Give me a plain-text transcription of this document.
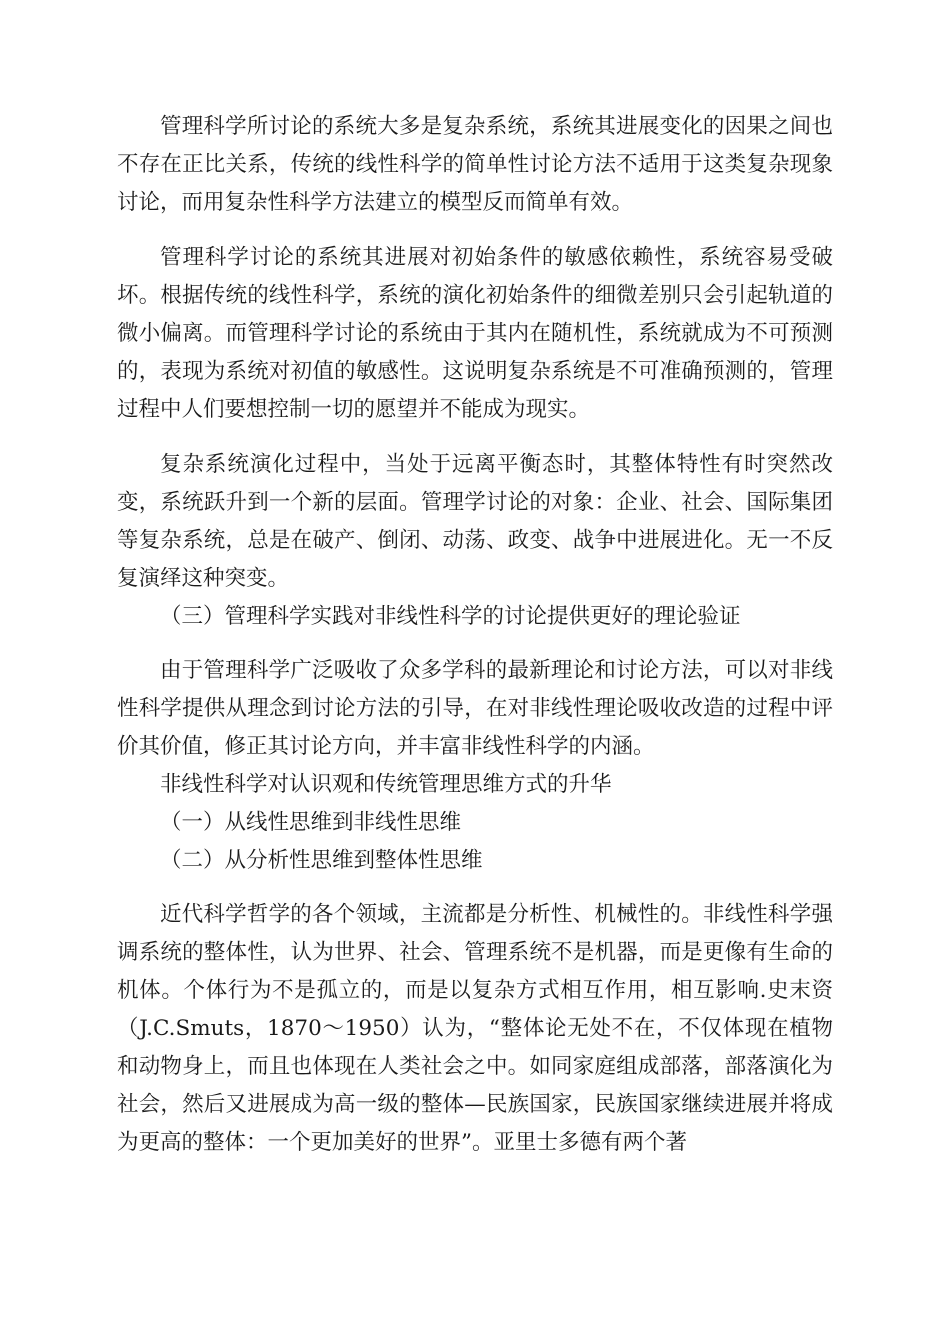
管理科学所讨论的系统大多是复杂系统，系统其进展变化的因果之间也不存在正比关系，传统的线性科学的简单性讨论方法不适用于这类复杂现象讨论，而用复杂性科学方法建立的模型反而简单有效。

管理科学讨论的系统其进展对初始条件的敏感依赖性，系统容易受破坏。根据传统的线性科学，系统的演化初始条件的细微差别只会引起轨道的微小偏离。而管理科学讨论的系统由于其内在随机性，系统就成为不可预测的，表现为系统对初值的敏感性。这说明复杂系统是不可准确预测的，管理过程中人们要想控制一切的愿望并不能成为现实。

复杂系统演化过程中，当处于远离平衡态时，其整体特性有时突然改变，系统跃升到一个新的层面。管理学讨论的对象：企业、社会、国际集团等复杂系统，总是在破产、倒闭、动荡、政变、战争中进展进化。无一不反复演绎这种突变。

（三）管理科学实践对非线性科学的讨论提供更好的理论验证

由于管理科学广泛吸收了众多学科的最新理论和讨论方法，可以对非线性科学提供从理念到讨论方法的引导，在对非线性理论吸收改造的过程中评价其价值，修正其讨论方向，并丰富非线性科学的内涵。

非线性科学对认识观和传统管理思维方式的升华

（一）从线性思维到非线性思维

（二）从分析性思维到整体性思维

近代科学哲学的各个领域，主流都是分析性、机械性的。非线性科学强调系统的整体性，认为世界、社会、管理系统不是机器，而是更像有生命的机体。个体行为不是孤立的，而是以复杂方式相互作用，相互影响.史末资（J.C.Smuts，1870～1950）认为，“整体论无处不在，不仅体现在植物和动物身上，而且也体现在人类社会之中。如同家庭组成部落，部落演化为社会，然后又进展成为高一级的整体—民族国家，民族国家继续进展并将成为更高的整体：一个更加美好的世界”。亚里士多德有两个著
